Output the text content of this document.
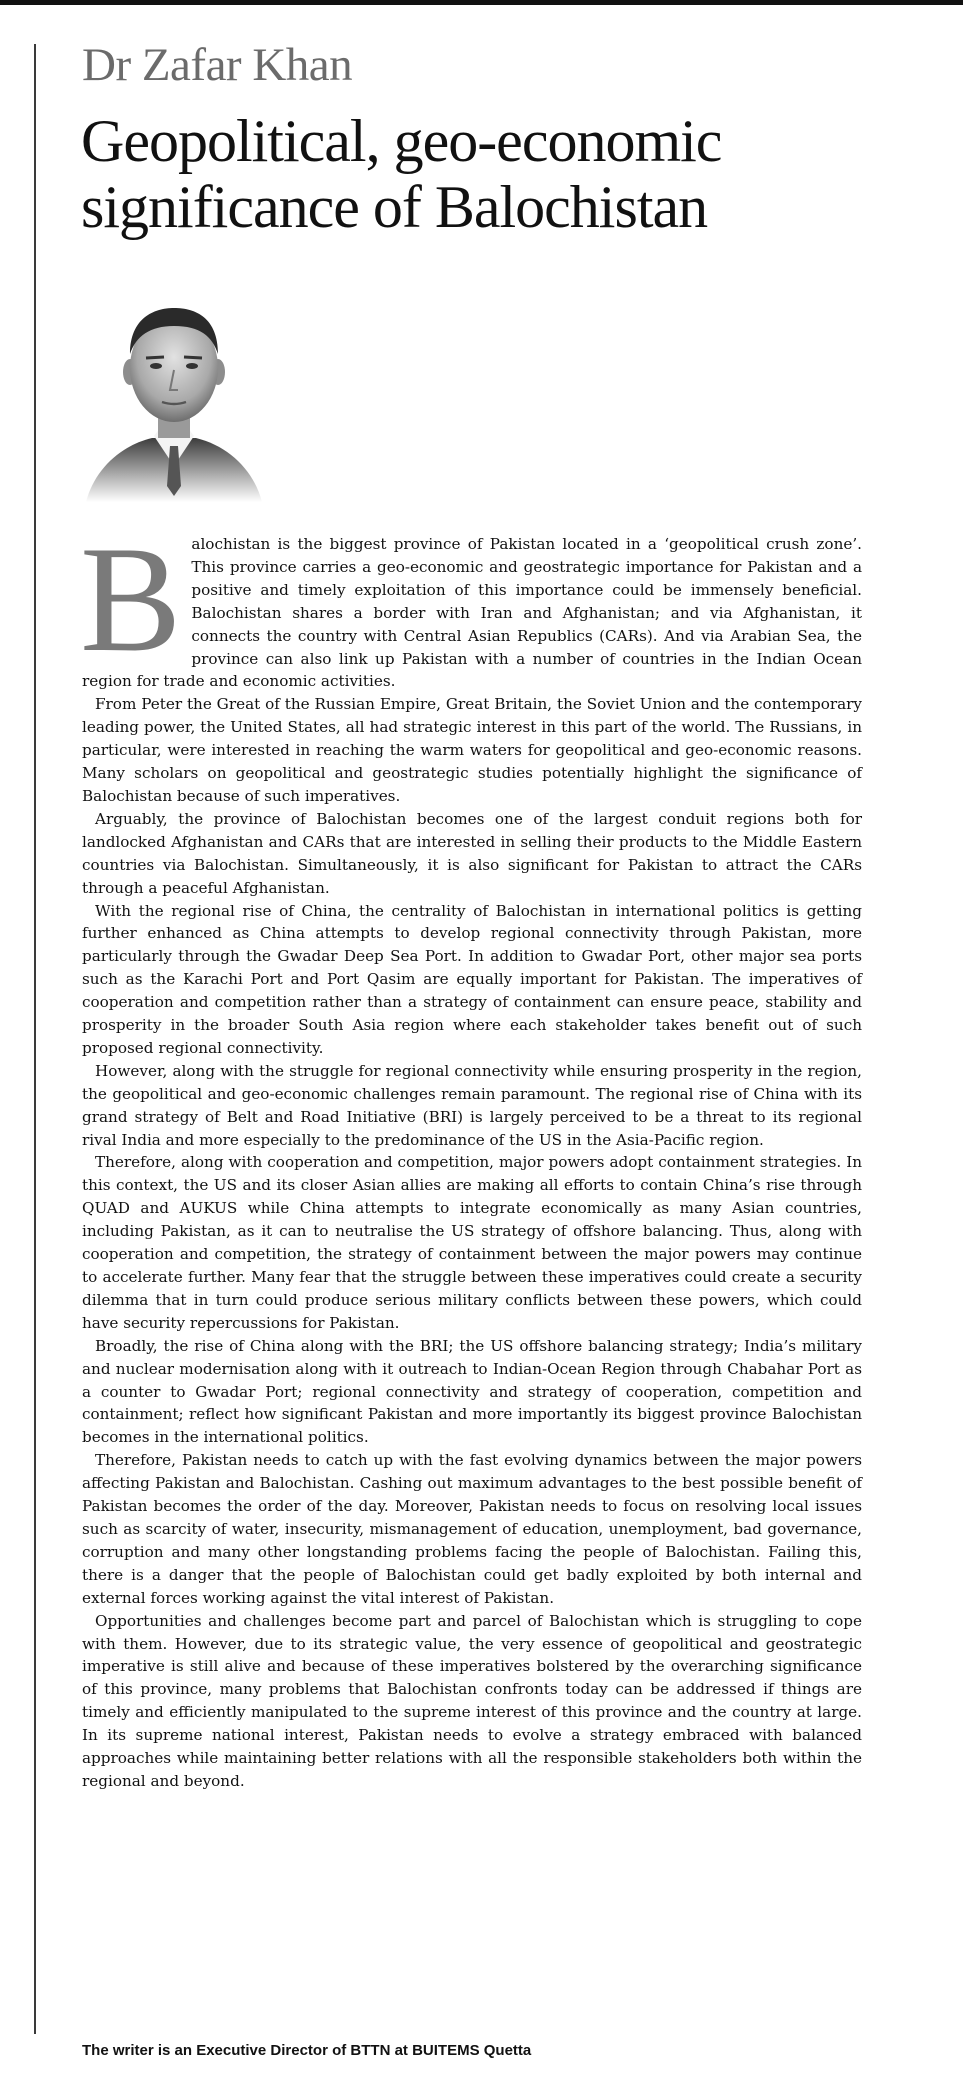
Dr Zafar Khan
Geopolitical, geo-economic
significance of Balochistan

Balochistan is the biggest province of Pakistan located in a ‘geopolitical crush zone’. This province carries a geo-economic and geostrategic importance for Pakistan and a positive and timely exploitation of this importance could be immensely beneficial. Balochistan shares a border with Iran and Afghanistan; and via Afghanistan, it connects the country with Central Asian Republics (CARs). And via Arabian Sea, the province can also link up Pakistan with a number of countries in the Indian Ocean region for trade and economic activities.

From Peter the Great of the Russian Empire, Great Britain, the Soviet Union and the contemporary leading power, the United States, all had strategic interest in this part of the world. The Russians, in particular, were interested in reaching the warm waters for geopolitical and geo-economic reasons. Many scholars on geopolitical and geostrategic studies potentially highlight the significance of Balochistan because of such imperatives.

Arguably, the province of Balochistan becomes one of the largest conduit regions both for landlocked Afghanistan and CARs that are interested in selling their products to the Middle Eastern countries via Balochistan. Simultaneously, it is also significant for Pakistan to attract the CARs through a peaceful Afghanistan.

With the regional rise of China, the centrality of Balochistan in international politics is getting further enhanced as China attempts to develop regional connectivity through Pakistan, more particularly through the Gwadar Deep Sea Port. In addition to Gwadar Port, other major sea ports such as the Karachi Port and Port Qasim are equally important for Pakistan. The imperatives of cooperation and competition rather than a strategy of containment can ensure peace, stability and prosperity in the broader South Asia region where each stakeholder takes benefit out of such proposed regional connectivity.

However, along with the struggle for regional connectivity while ensuring prosperity in the region, the geopolitical and geo-economic challenges remain paramount. The regional rise of China with its grand strategy of Belt and Road Initiative (BRI) is largely perceived to be a threat to its regional rival India and more especially to the predominance of the US in the Asia-Pacific region.

Therefore, along with cooperation and competition, major powers adopt containment strategies. In this context, the US and its closer Asian allies are making all efforts to contain China’s rise through QUAD and AUKUS while China attempts to integrate economically as many Asian countries, including Pakistan, as it can to neutralise the US strategy of offshore balancing. Thus, along with cooperation and competition, the strategy of containment between the major powers may continue to accelerate further. Many fear that the struggle between these imperatives could create a security dilemma that in turn could produce serious military conflicts between these powers, which could have security repercussions for Pakistan.

Broadly, the rise of China along with the BRI; the US offshore balancing strategy; India’s military and nuclear modernisation along with it outreach to Indian-Ocean Region through Chabahar Port as a counter to Gwadar Port; regional connectivity and strategy of cooperation, competition and containment; reflect how significant Pakistan and more importantly its biggest province Balochistan becomes in the international politics.

Therefore, Pakistan needs to catch up with the fast evolving dynamics between the major powers affecting Pakistan and Balochistan. Cashing out maximum advantages to the best possible benefit of Pakistan becomes the order of the day. Moreover, Pakistan needs to focus on resolving local issues such as scarcity of water, insecurity, mismanagement of education, unemployment, bad governance, corruption and many other longstanding problems facing the people of Balochistan. Failing this, there is a danger that the people of Balochistan could get badly exploited by both internal and external forces working against the vital interest of Pakistan.

Opportunities and challenges become part and parcel of Balochistan which is struggling to cope with them. However, due to its strategic value, the very essence of geopolitical and geostrategic imperative is still alive and because of these imperatives bolstered by the overarching significance of this province, many problems that Balochistan confronts today can be addressed if things are timely and efficiently manipulated to the supreme interest of this province and the country at large. In its supreme national interest, Pakistan needs to evolve a strategy embraced with balanced approaches while maintaining better relations with all the responsible stakeholders both within the regional and beyond.

The writer is an Executive Director of BTTN at BUITEMS Quetta
